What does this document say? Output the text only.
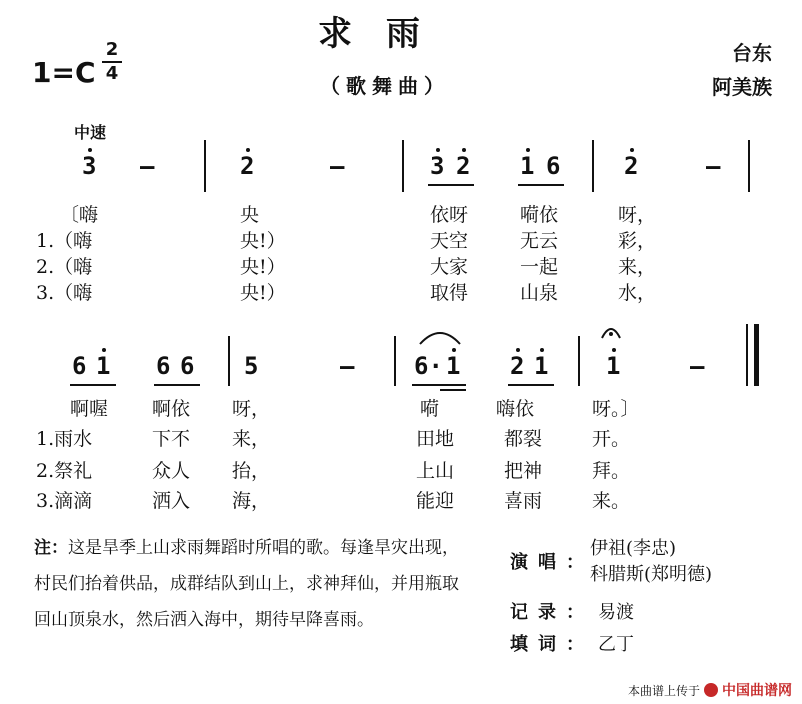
求雨
（歌舞曲）
1=C
2
4
台东
阿美族
中速
3 –	2	–	3 2 1 6	2	–
〔嗨	央	依呀	嗬依	呀，
1.（嗨	央!）	天空	无云	彩，
2.（嗨	央!）	大家	一起	来，
3.（嗨	央!）	取得	山泉	水，
6 1 6 6 5	– 6· 1 2 1 1	–
啊喔 啊依 呀，	嗬	嗨依	呀。〕
1.雨水	下不 来，	田地	都裂	开。
2.祭礼	众人 抬，	上山	把神	拜。
3.滴滴	洒入 海，	能迎	喜雨	来。
注：这是旱季上山求雨舞蹈时所唱的歌。每逢旱灾出现，村民们抬着供品，成群结队到山上，求神拜仙，并用瓶取回山顶泉水，然后洒入海中，期待早降喜雨。
演唱：
伊祖(李忠)
科腊斯(郑明德)
记录： 易渡
填词： 乙丁
本曲谱上传于 中国曲谱网
